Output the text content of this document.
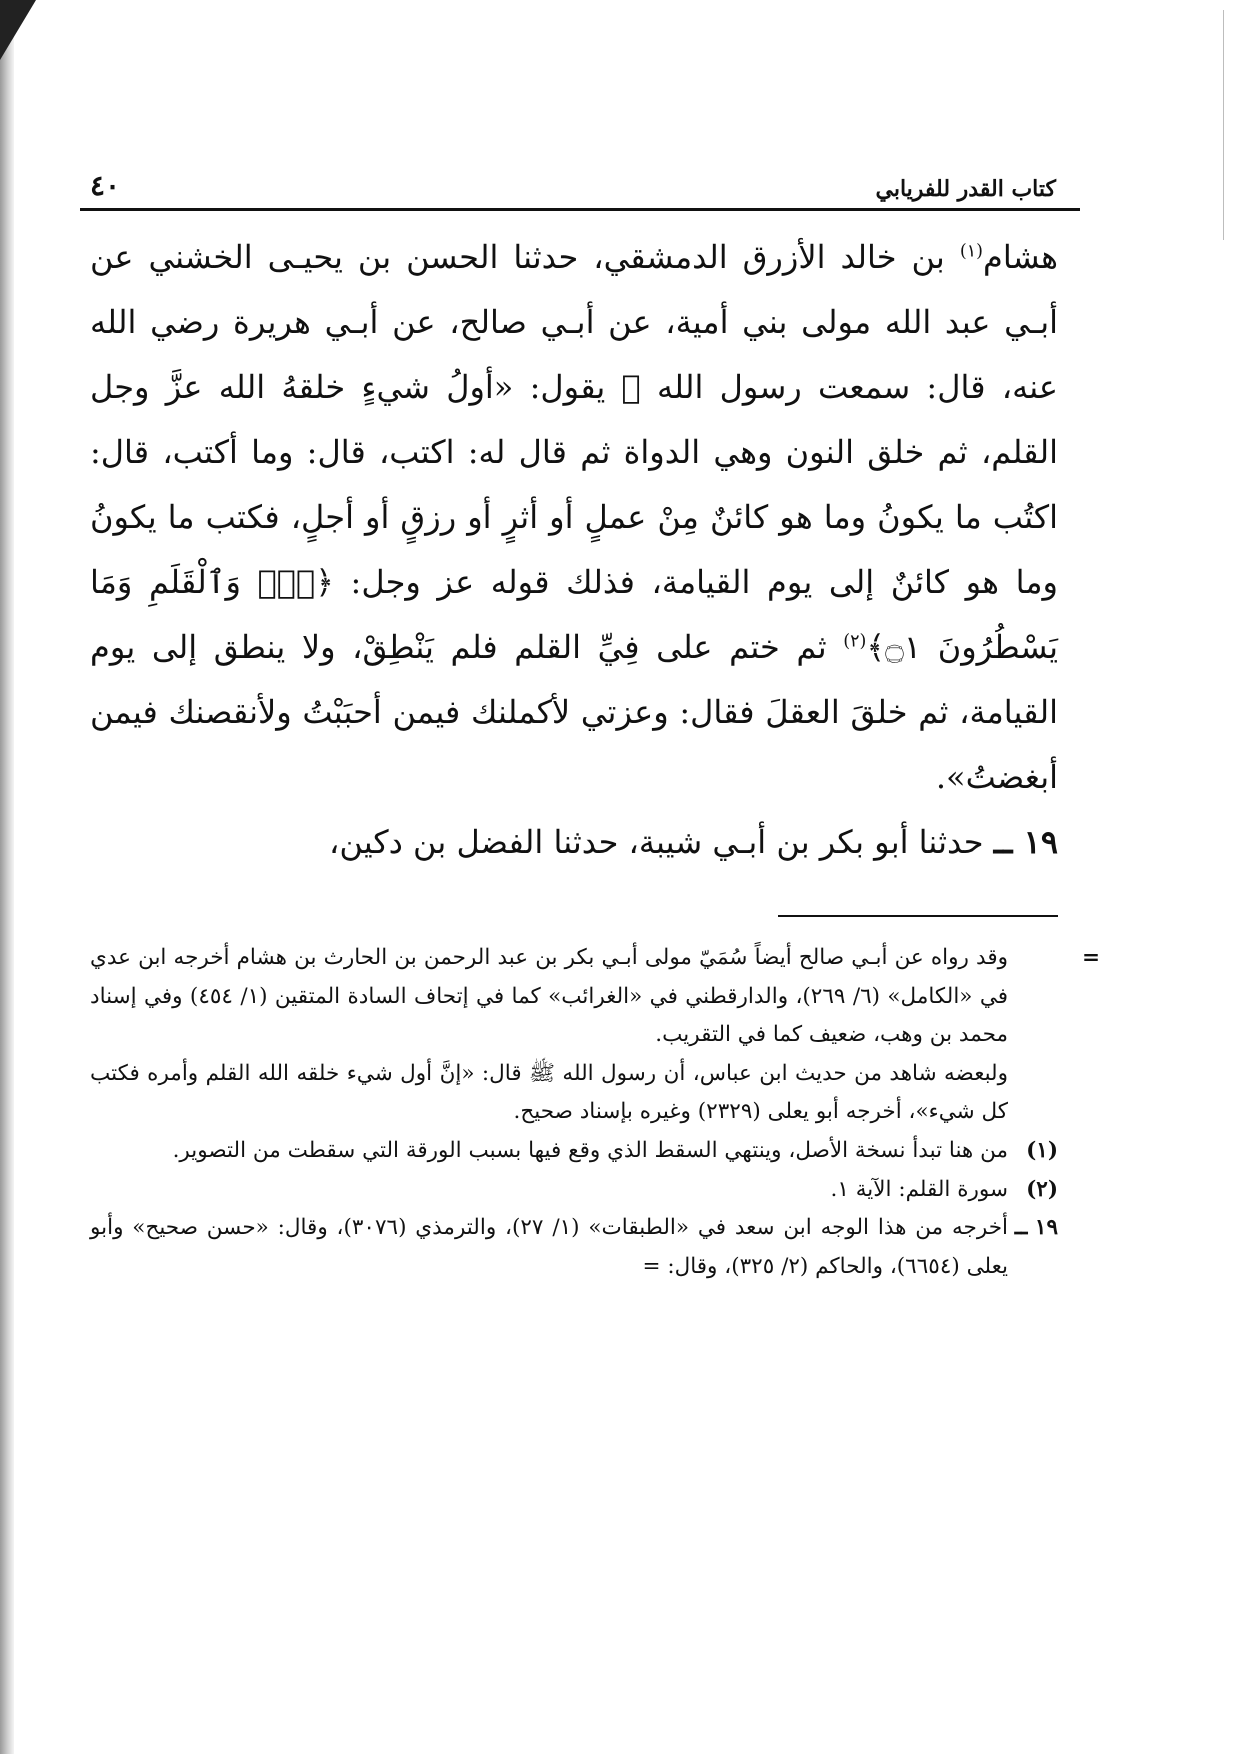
كتاب القدر للفريابي
٤٠

هشام$^{(١)}$ بن خالد الأزرق الدمشقي، حدثنا الحسن بن يحيـى الخشني عن أبـي عبد الله مولى بني أمية، عن أبـي صالح، عن أبـي هريرة رضي الله عنه، قال: سمعت رسول الله ﷺ يقول: «أولُ شيءٍ خلقهُ الله عزَّ وجل القلم، ثم خلق النون وهي الدواة ثم قال له: اكتب، قال: وما أكتب، قال: اكتُب ما يكونُ وما هو كائنٌ مِنْ عملٍ أو أثرٍ أو رزقٍ أو أجلٍ، فكتب ما يكونُ وما هو كائنٌ إلى يوم القيامة، فذلك قوله عز وجل: ﴿نٓۚ وَٱلْقَلَمِ وَمَا يَسْطُرُونَ ۝١﴾$^{(٢)}$ ثم ختم على فِيِّ القلم فلم يَنْطِقْ، ولا ينطق إلى يوم القيامة، ثم خلقَ العقلَ فقال: وعزتي لأكملنك فيمن أحبَبْتُ ولأنقصنك فيمن أبغضتُ».

١٩ ــ حدثنا أبو بكر بن أبـي شيبة، حدثنا الفضل بن دكين،

=
وقد رواه عن أبـي صالح أيضاً سُمَيّ مولى أبـي بكر بن عبد الرحمن بن الحارث بن هشام أخرجه ابن عدي في «الكامل» (٦/ ٢٦٩)، والدارقطني في «الغرائب» كما في إتحاف السادة المتقين (١/ ٤٥٤) وفي إسناد محمد بن وهب، ضعيف كما في التقريب.

ولبعضه شاهد من حديث ابن عباس، أن رسول الله ﷺ قال: «إنَّ أول شيء خلقه الله القلم وأمره فكتب كل شيء»، أخرجه أبو يعلى (٢٣٢٩) وغيره بإسناد صحيح.

(١)
من هنا تبدأ نسخة الأصل، وينتهي السقط الذي وقع فيها بسبب الورقة التي سقطت من التصوير.
(٢)
سورة القلم: الآية ١.
١٩ ــ
أخرجه من هذا الوجه ابن سعد في «الطبقات» (١/ ٢٧)، والترمذي (٣٠٧٦)، وقال: «حسن صحيح» وأبو يعلى (٦٦٥٤)، والحاكم (٢/ ٣٢٥)، وقال: =
